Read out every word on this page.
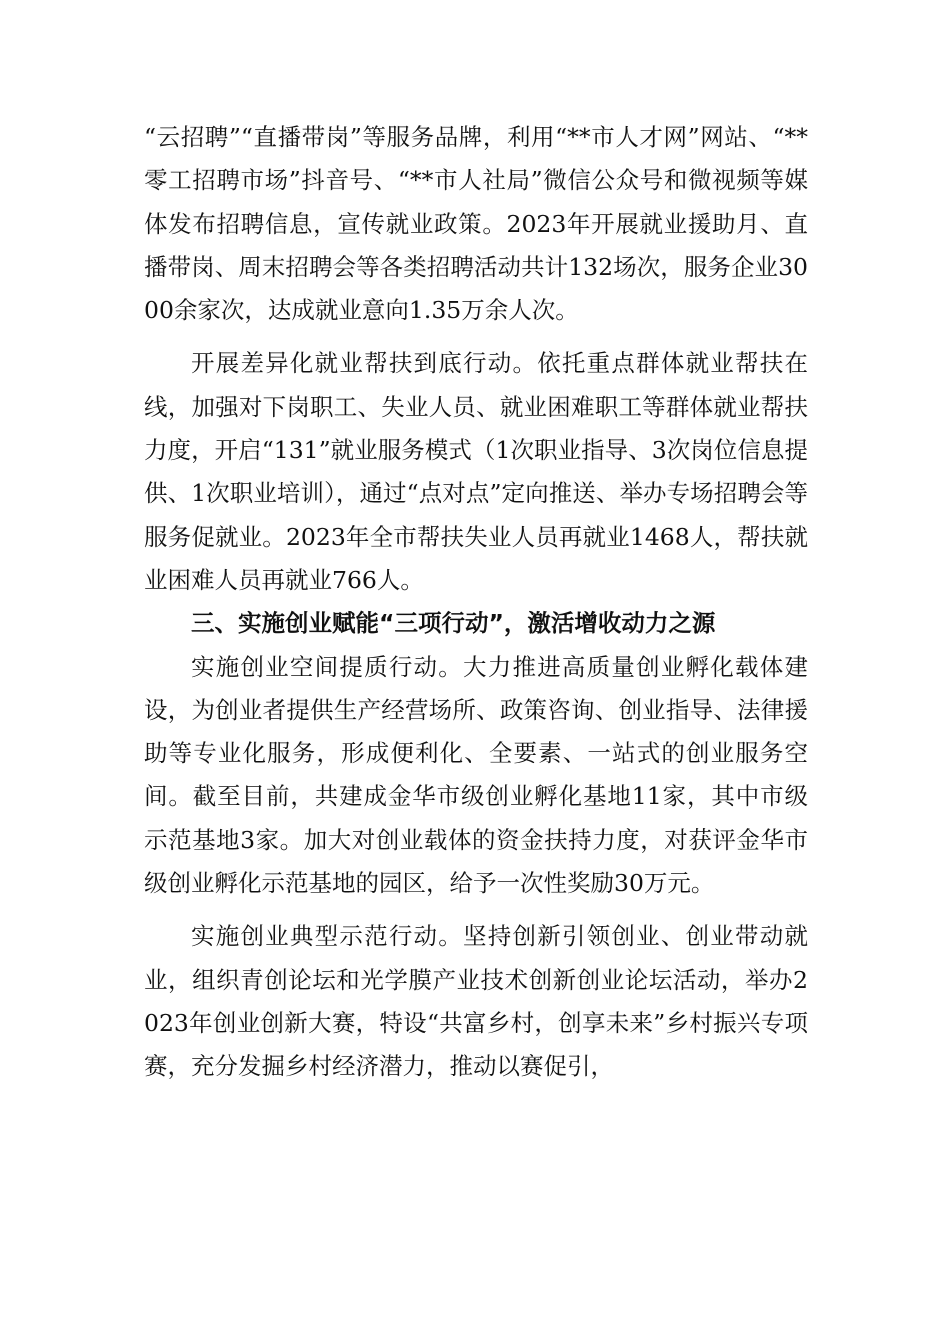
“云招聘”“直播带岗”等服务品牌，利用“**市人才网”网站、“**零工招聘市场”抖音号、“**市人社局”微信公众号和微视频等媒体发布招聘信息，宣传就业政策。2023年开展就业援助月、直播带岗、周末招聘会等各类招聘活动共计132场次，服务企业3000余家次，达成就业意向1.35万余人次。

开展差异化就业帮扶到底行动。依托重点群体就业帮扶在线，加强对下岗职工、失业人员、就业困难职工等群体就业帮扶力度，开启“131”就业服务模式（1次职业指导、3次岗位信息提供、1次职业培训），通过“点对点”定向推送、举办专场招聘会等服务促就业。2023年全市帮扶失业人员再就业1468人，帮扶就业困难人员再就业766人。

三、实施创业赋能“三项行动”，激活增收动力之源

实施创业空间提质行动。大力推进高质量创业孵化载体建设，为创业者提供生产经营场所、政策咨询、创业指导、法律援助等专业化服务，形成便利化、全要素、一站式的创业服务空间。截至目前，共建成金华市级创业孵化基地11家，其中市级示范基地3家。加大对创业载体的资金扶持力度，对获评金华市级创业孵化示范基地的园区，给予一次性奖励30万元。

实施创业典型示范行动。坚持创新引领创业、创业带动就业，组织青创论坛和光学膜产业技术创新创业论坛活动，举办2023年创业创新大赛，特设“共富乡村，创享未来”乡村振兴专项赛，充分发掘乡村经济潜力，推动以赛促引，
